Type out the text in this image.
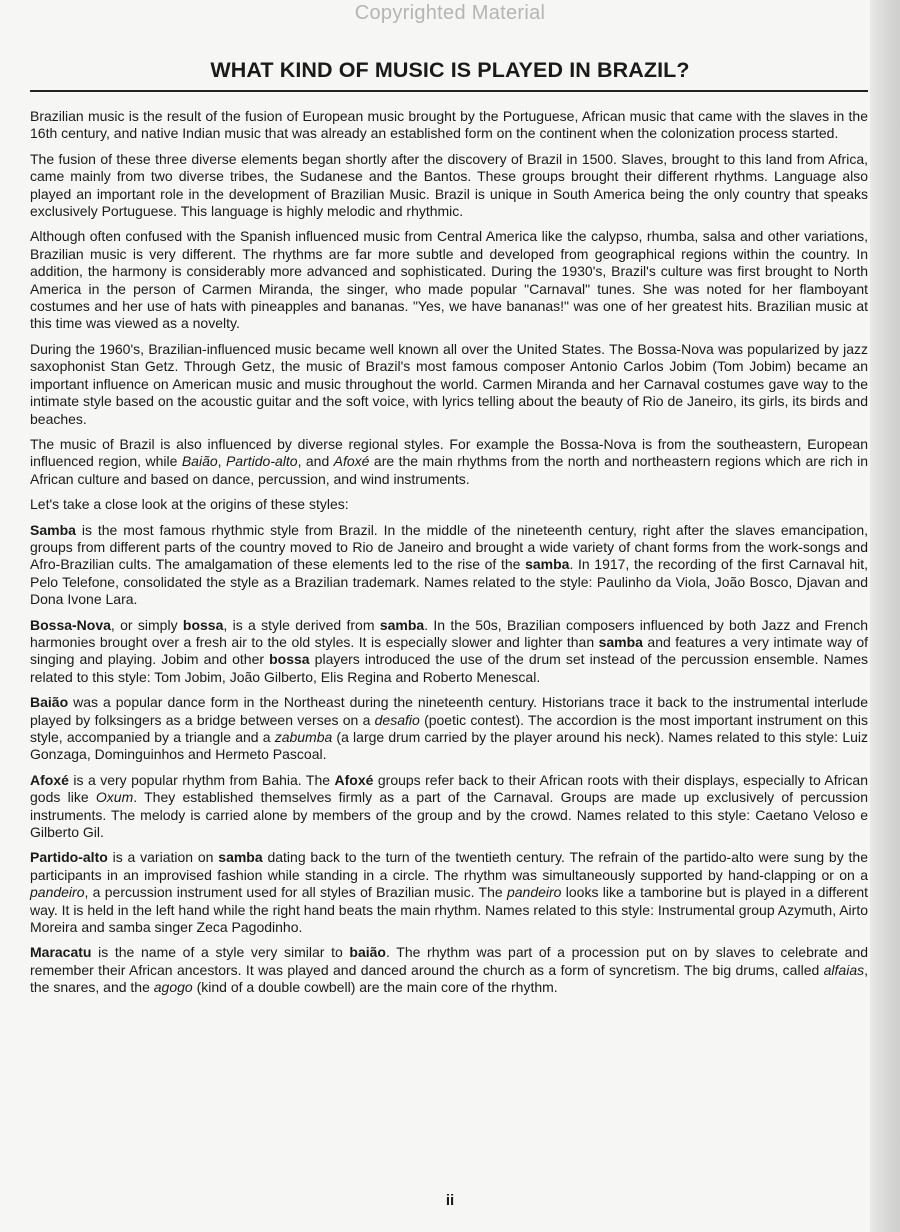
Copyrighted Material
WHAT KIND OF MUSIC IS PLAYED IN BRAZIL?

Brazilian music is the result of the fusion of European music brought by the Portuguese, African music that came with the slaves in the 16th century, and native Indian music that was already an established form on the continent when the colonization process started.

The fusion of these three diverse elements began shortly after the discovery of Brazil in 1500. Slaves, brought to this land from Africa, came mainly from two diverse tribes, the Sudanese and the Bantos. These groups brought their different rhythms. Language also played an important role in the development of Brazilian Music. Brazil is unique in South America being the only country that speaks exclusively Portuguese. This language is highly melodic and rhythmic.

Although often confused with the Spanish influenced music from Central America like the calypso, rhumba, salsa and other variations, Brazilian music is very different. The rhythms are far more subtle and developed from geographical regions within the country. In addition, the harmony is considerably more advanced and sophisticated. During the 1930's, Brazil's culture was first brought to North America in the person of Carmen Miranda, the singer, who made popular "Carnaval" tunes. She was noted for her flamboyant costumes and her use of hats with pineapples and bananas. "Yes, we have bananas!" was one of her greatest hits. Brazilian music at this time was viewed as a novelty.

During the 1960's, Brazilian-influenced music became well known all over the United States. The Bossa-Nova was popularized by jazz saxophonist Stan Getz. Through Getz, the music of Brazil's most famous composer Antonio Carlos Jobim (Tom Jobim) became an important influence on American music and music throughout the world. Carmen Miranda and her Carnaval costumes gave way to the intimate style based on the acoustic guitar and the soft voice, with lyrics telling about the beauty of Rio de Janeiro, its girls, its birds and beaches.

The music of Brazil is also influenced by diverse regional styles. For example the Bossa-Nova is from the southeastern, European influenced region, while Baião, Partido-alto, and Afoxé are the main rhythms from the north and northeastern regions which are rich in African culture and based on dance, percussion, and wind instruments.

Let's take a close look at the origins of these styles:

Samba is the most famous rhythmic style from Brazil. In the middle of the nineteenth century, right after the slaves emancipation, groups from different parts of the country moved to Rio de Janeiro and brought a wide variety of chant forms from the work-songs and Afro-Brazilian cults. The amalgamation of these elements led to the rise of the samba. In 1917, the recording of the first Carnaval hit, Pelo Telefone, consolidated the style as a Brazilian trademark. Names related to the style: Paulinho da Viola, João Bosco, Djavan and Dona Ivone Lara.

Bossa-Nova, or simply bossa, is a style derived from samba. In the 50s, Brazilian composers influenced by both Jazz and French harmonies brought over a fresh air to the old styles. It is especially slower and lighter than samba and features a very intimate way of singing and playing. Jobim and other bossa players introduced the use of the drum set instead of the percussion ensemble. Names related to this style: Tom Jobim, João Gilberto, Elis Regina and Roberto Menescal.

Baião was a popular dance form in the Northeast during the nineteenth century. Historians trace it back to the instrumental interlude played by folksingers as a bridge between verses on a desafio (poetic contest). The accordion is the most important instrument on this style, accompanied by a triangle and a zabumba (a large drum carried by the player around his neck). Names related to this style: Luiz Gonzaga, Dominguinhos and Hermeto Pascoal.

Afoxé is a very popular rhythm from Bahia. The Afoxé groups refer back to their African roots with their displays, especially to African gods like Oxum. They established themselves firmly as a part of the Carnaval. Groups are made up exclusively of percussion instruments. The melody is carried alone by members of the group and by the crowd. Names related to this style: Caetano Veloso e Gilberto Gil.

Partido-alto is a variation on samba dating back to the turn of the twentieth century. The refrain of the partido-alto were sung by the participants in an improvised fashion while standing in a circle. The rhythm was simultaneously supported by hand-clapping or on a pandeiro, a percussion instrument used for all styles of Brazilian music. The pandeiro looks like a tamborine but is played in a different way. It is held in the left hand while the right hand beats the main rhythm. Names related to this style: Instrumental group Azymuth, Airto Moreira and samba singer Zeca Pagodinho.

Maracatu is the name of a style very similar to baião. The rhythm was part of a procession put on by slaves to celebrate and remember their African ancestors. It was played and danced around the church as a form of syncretism. The big drums, called alfaias, the snares, and the agogo (kind of a double cowbell) are the main core of the rhythm.

ii
